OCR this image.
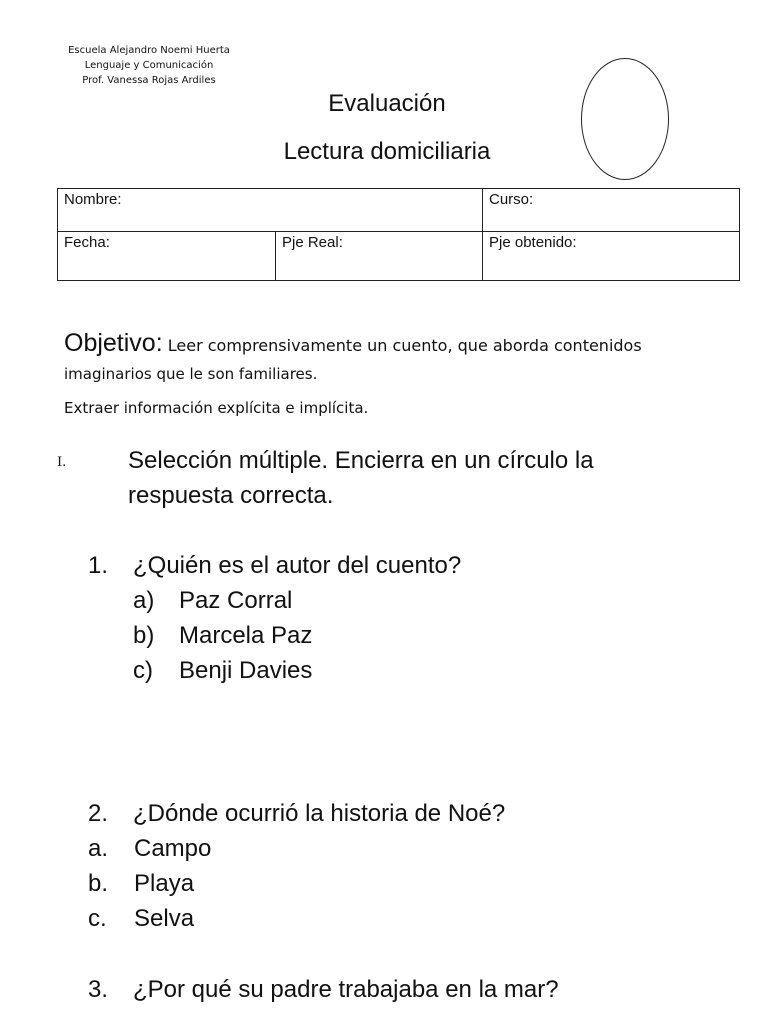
Escuela Alejandro Noemi Huerta
Lenguaje y Comunicación
Prof. Vanessa Rojas Ardiles
Evaluación
Lectura domiciliaria
Nombre:		Curso:
Fecha:	Pje Real:	Pje obtenido:
Objetivo: Leer comprensivamente un cuento, que aborda contenidos
imaginarios que le son familiares.
Extraer información explícita e implícita.
I.	Selección múltiple. Encierra en un círculo la
respuesta correcta.
1. ¿Quién es el autor del cuento?
a) Paz Corral
b) Marcela Paz
c) Benji Davies
2. ¿Dónde ocurrió la historia de Noé?
a. Campo
b. Playa
c. Selva
3. ¿Por qué su padre trabajaba en la mar?
